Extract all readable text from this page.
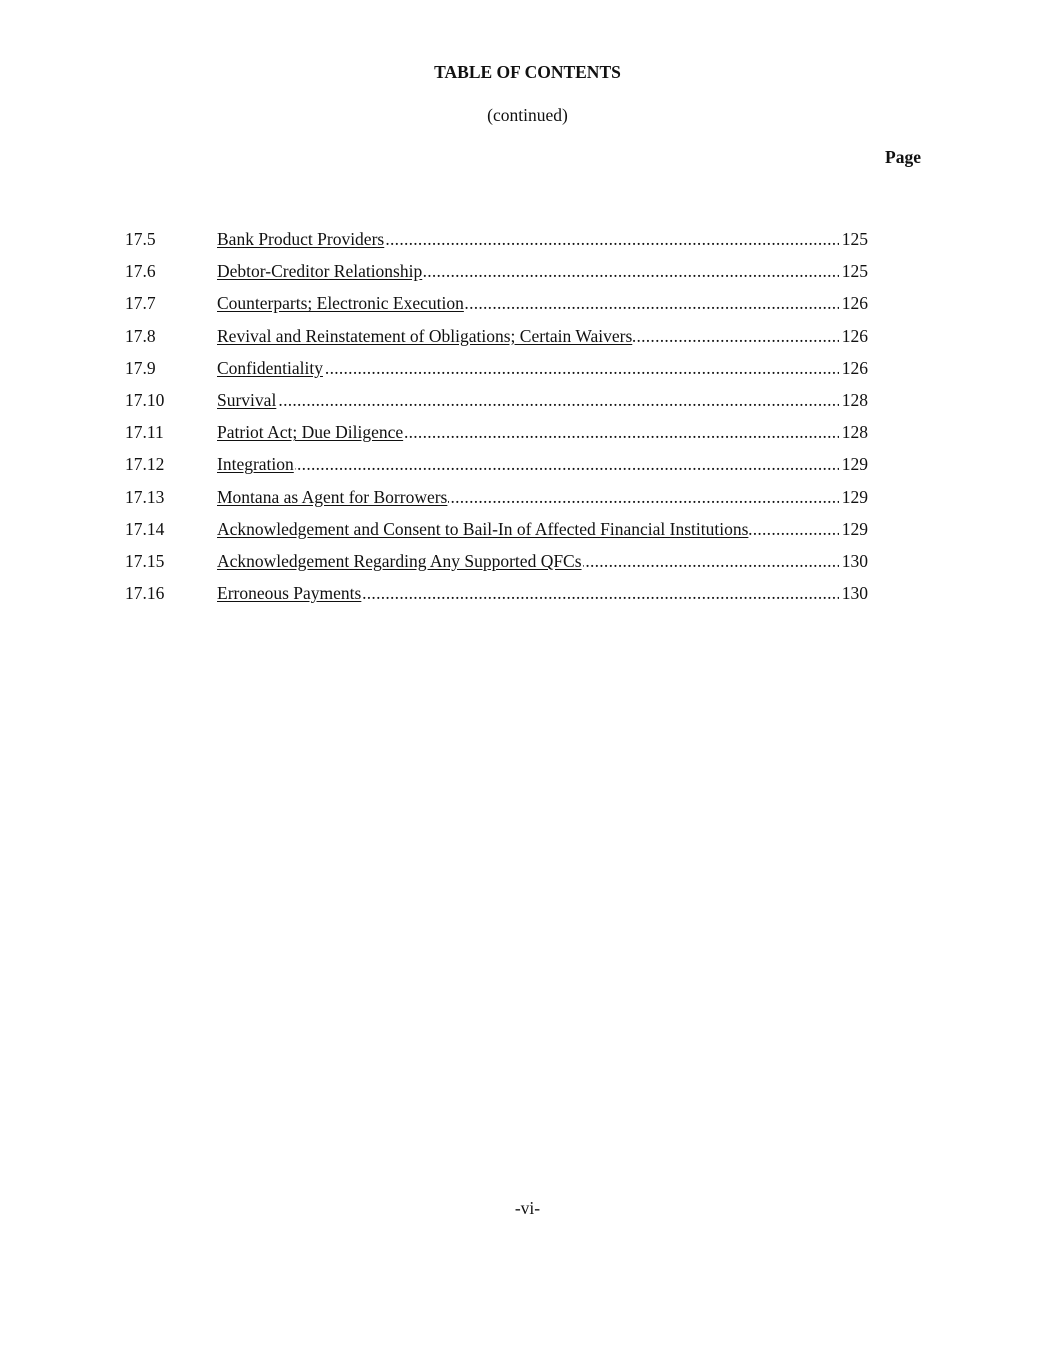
TABLE OF CONTENTS
(continued)
Page
17.5	Bank Product Providers . . .	125
17.6	Debtor-Creditor Relationship . . .	125
17.7	Counterparts; Electronic Execution . . .	126
17.8	Revival and Reinstatement of Obligations; Certain Waivers . . .	126
17.9	Confidentiality . . .	126
17.10	Survival . . .	128
17.11	Patriot Act; Due Diligence . . .	128
17.12	Integration . . .	129
17.13	Montana as Agent for Borrowers . . .	129
17.14	Acknowledgement and Consent to Bail-In of Affected Financial Institutions . . .	129
17.15	Acknowledgement Regarding Any Supported QFCs . . .	130
17.16	Erroneous Payments . . .	130
-vi-
